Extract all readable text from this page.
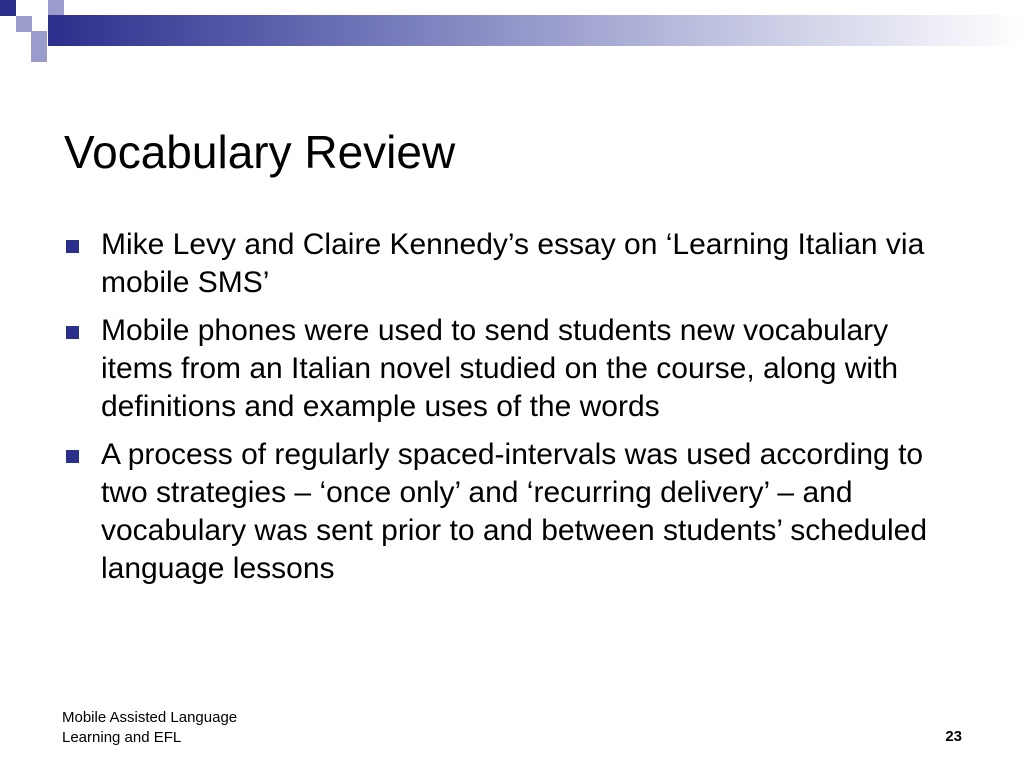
Vocabulary Review
Mike Levy and Claire Kennedy’s essay on ‘Learning Italian via mobile SMS’
Mobile phones were used to send students new vocabulary items from an Italian novel studied on the course, along with definitions and example uses of the words
A process of regularly spaced-intervals was used according to two strategies – ‘once only’ and ‘recurring delivery’ – and vocabulary was sent prior to and between students’ scheduled language lessons
Mobile Assisted Language
Learning and EFL	23
